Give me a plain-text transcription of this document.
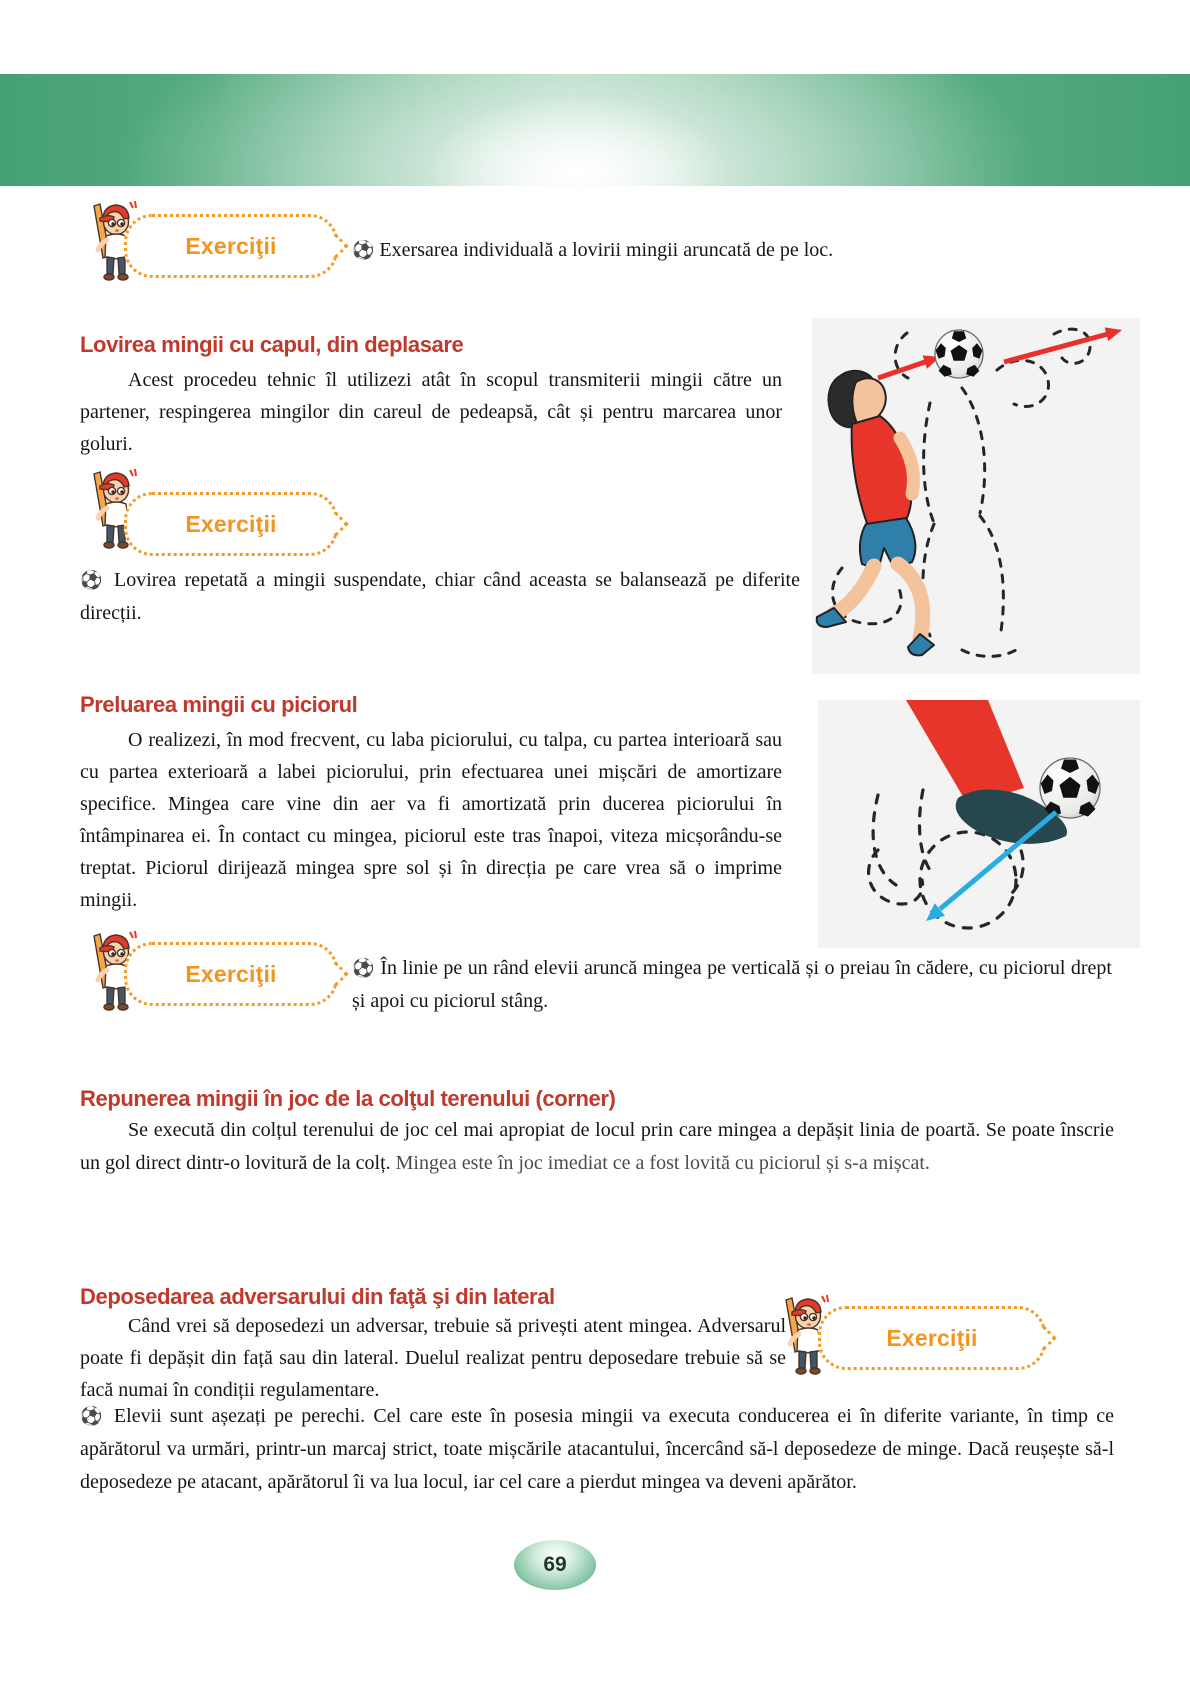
Exerciţii	⚽ Exersarea individuală a lovirii mingii aruncată de pe loc.

Lovirea mingii cu capul, din deplasare

Acest procedeu tehnic îl utilizezi atât în scopul transmiterii mingii către un partener, respingerea mingilor din careul de pedeapsă, cât și pentru marcarea unor goluri.

Exerciţii

⚽ Lovirea repetată a mingii suspendate, chiar când aceasta se balansează pe diferite direcții.

Preluarea mingii cu piciorul

O realizezi, în mod frecvent, cu laba piciorului, cu talpa, cu partea interioară sau cu partea exterioară a labei piciorului, prin efectuarea unei mișcări de amortizare specifice. Mingea care vine din aer va fi amortizată prin ducerea piciorului în întâmpinarea ei. În contact cu mingea, piciorul este tras înapoi, viteza micșorându-se treptat. Piciorul dirijează mingea spre sol și în direcția pe care vrea să o imprime mingii.

Exerciţii	⚽ În linie pe un rând elevii aruncă mingea pe verticală și o preiau în cădere, cu piciorul drept și apoi cu piciorul stâng.

Repunerea mingii în joc de la colţul terenului (corner)

Se execută din colțul terenului de joc cel mai apropiat de locul prin care mingea a depășit linia de poartă. Se poate înscrie un gol direct dintr-o lovitură de la colț. Mingea este în joc imediat ce a fost lovită cu piciorul și s-a mișcat.

Deposedarea adversarului din faţă şi din lateral

Când vrei să deposedezi un adversar, trebuie să privești atent mingea. Adversarul poate fi depășit din față sau din lateral. Duelul realizat pentru deposedare trebuie să se facă numai în condiții regulamentare.

Exerciţii

⚽ Elevii sunt așezați pe perechi. Cel care este în posesia mingii va executa conducerea ei în diferite variante, în timp ce apărătorul va urmări, printr-un marcaj strict, toate mișcările atacantului, încercând să-l deposedeze de minge. Dacă reușește să-l deposedeze pe atacant, apărătorul îi va lua locul, iar cel care a pierdut mingea va deveni apărător.

69
